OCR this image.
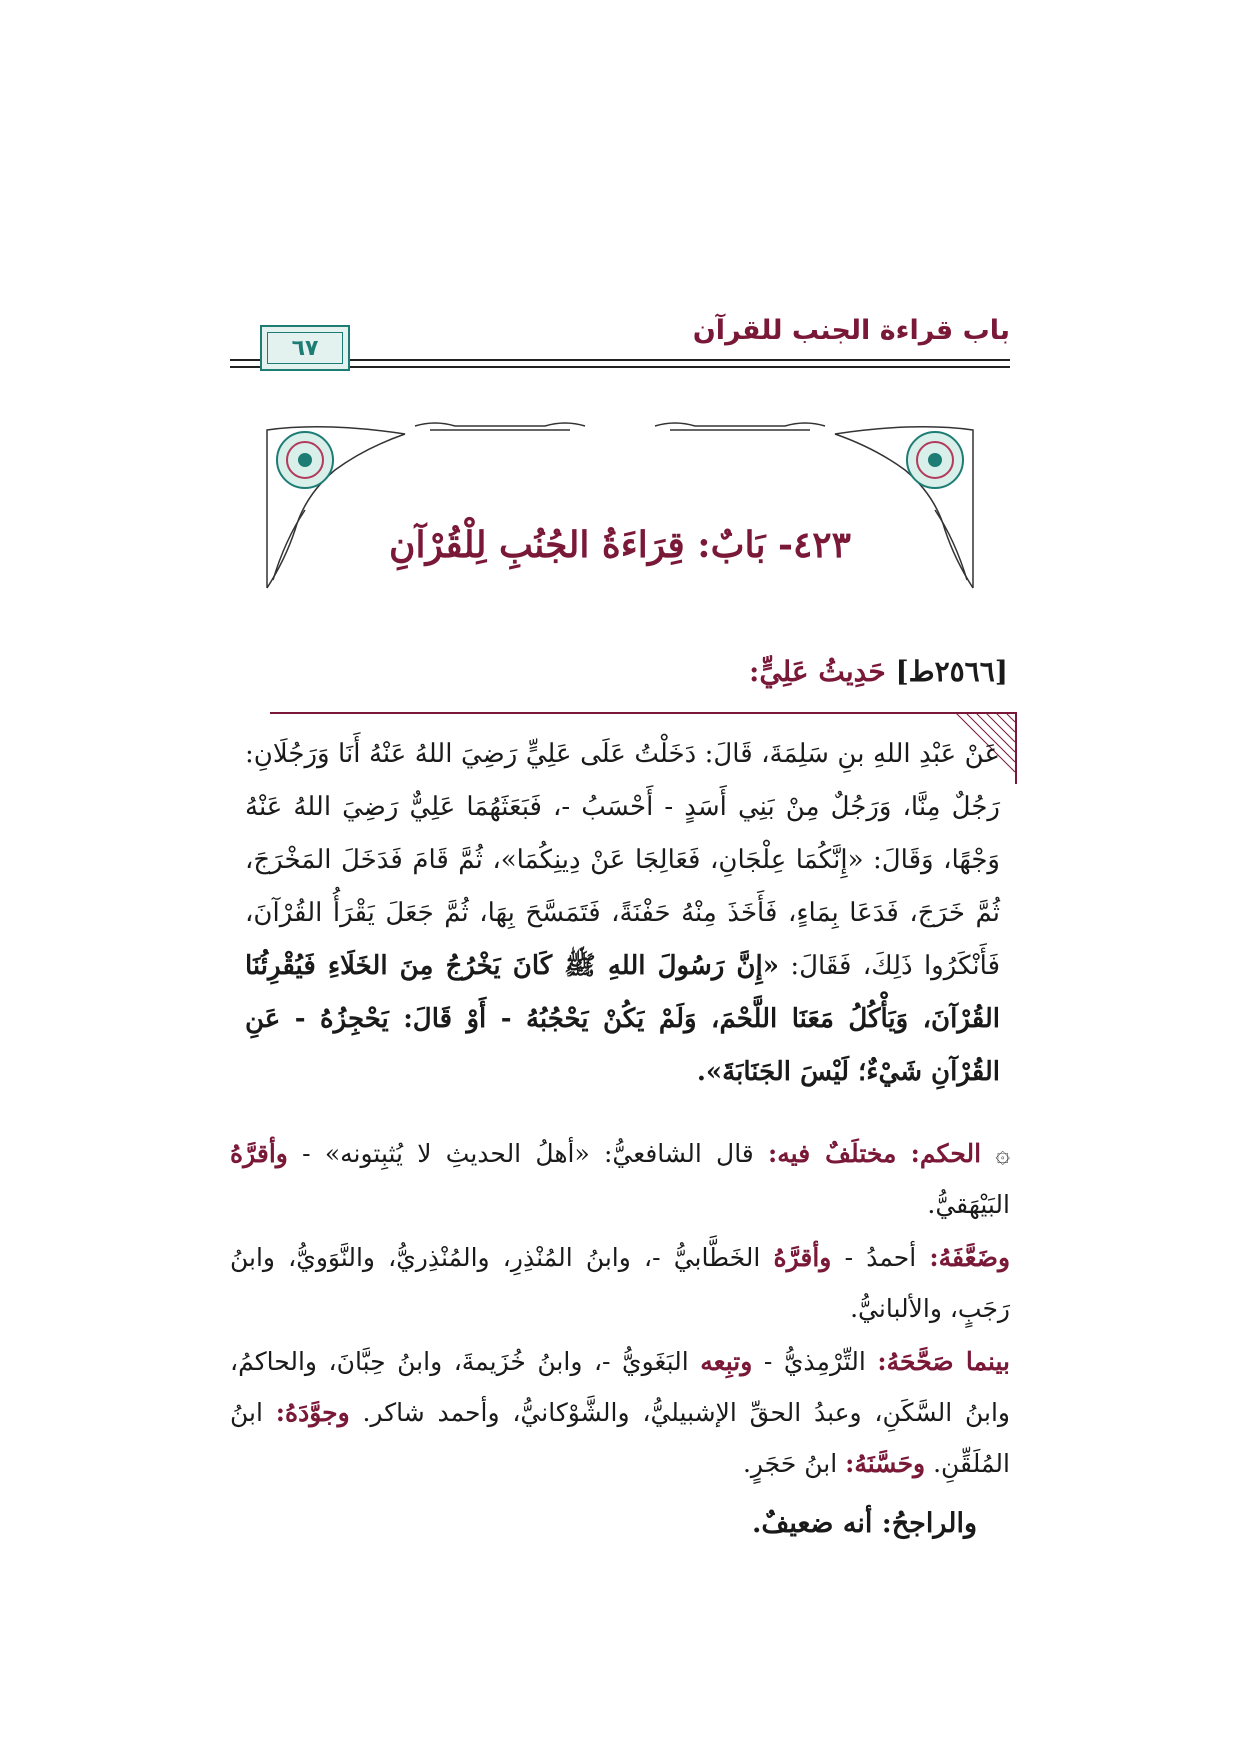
باب قراءة الجنب للقرآن
٦٧
٤٢٣- بَابٌ: قِرَاءَةُ الجُنُبِ لِلْقُرْآنِ
[٢٥٦٦ط] حَدِيثُ عَلِيٍّ:
عَنْ عَبْدِ اللهِ بنِ سَلِمَةَ، قَالَ: دَخَلْتُ عَلَى عَلِيٍّ رَضِيَ اللهُ عَنْهُ أَنَا وَرَجُلَانِ: رَجُلٌ مِنَّا، وَرَجُلٌ مِنْ بَنِي أَسَدٍ - أَحْسَبُ -، فَبَعَثَهُمَا عَلِيٌّ رَضِيَ اللهُ عَنْهُ وَجْهًا، وَقَالَ: «إِنَّكُمَا عِلْجَانِ، فَعَالِجَا عَنْ دِينِكُمَا»، ثُمَّ قَامَ فَدَخَلَ المَخْرَجَ، ثُمَّ خَرَجَ، فَدَعَا بِمَاءٍ، فَأَخَذَ مِنْهُ حَفْنَةً، فَتَمَسَّحَ بِهَا، ثُمَّ جَعَلَ يَقْرَأُ القُرْآنَ، فَأَنْكَرُوا ذَلِكَ، فَقَالَ: «إِنَّ رَسُولَ اللهِ ﷺ كَانَ يَخْرُجُ مِنَ الخَلَاءِ فَيُقْرِئُنَا القُرْآنَ، وَيَأْكُلُ مَعَنَا اللَّحْمَ، وَلَمْ يَكُنْ يَحْجُبُهُ - أَوْ قَالَ: يَحْجِزُهُ - عَنِ القُرْآنِ شَيْءٌ؛ لَيْسَ الجَنَابَةَ».
۞ الحكم: مختلَفٌ فيه: قال الشافعيُّ: «أهلُ الحديثِ لا يُثبِتونه» - وأقرَّهُ البَيْهَقيُّ.
وضَعَّفَهُ: أحمدُ - وأقرَّهُ الخَطَّابيُّ -، وابنُ المُنْذِرِ، والمُنْذِريُّ، والنَّوَويُّ، وابنُ رَجَبٍ، والألبانيُّ.
بينما صَحَّحَهُ: التِّرْمِذيُّ - وتبِعه البَغَويُّ -، وابنُ خُزَيمةَ، وابنُ حِبَّانَ، والحاكمُ، وابنُ السَّكَنِ، وعبدُ الحقِّ الإشبيليُّ، والشَّوْكانيُّ، وأحمد شاكر. وجوَّدَهُ: ابنُ المُلَقِّنِ. وحَسَّنَهُ: ابنُ حَجَرٍ.
والراجحُ: أنه ضعيفٌ.
